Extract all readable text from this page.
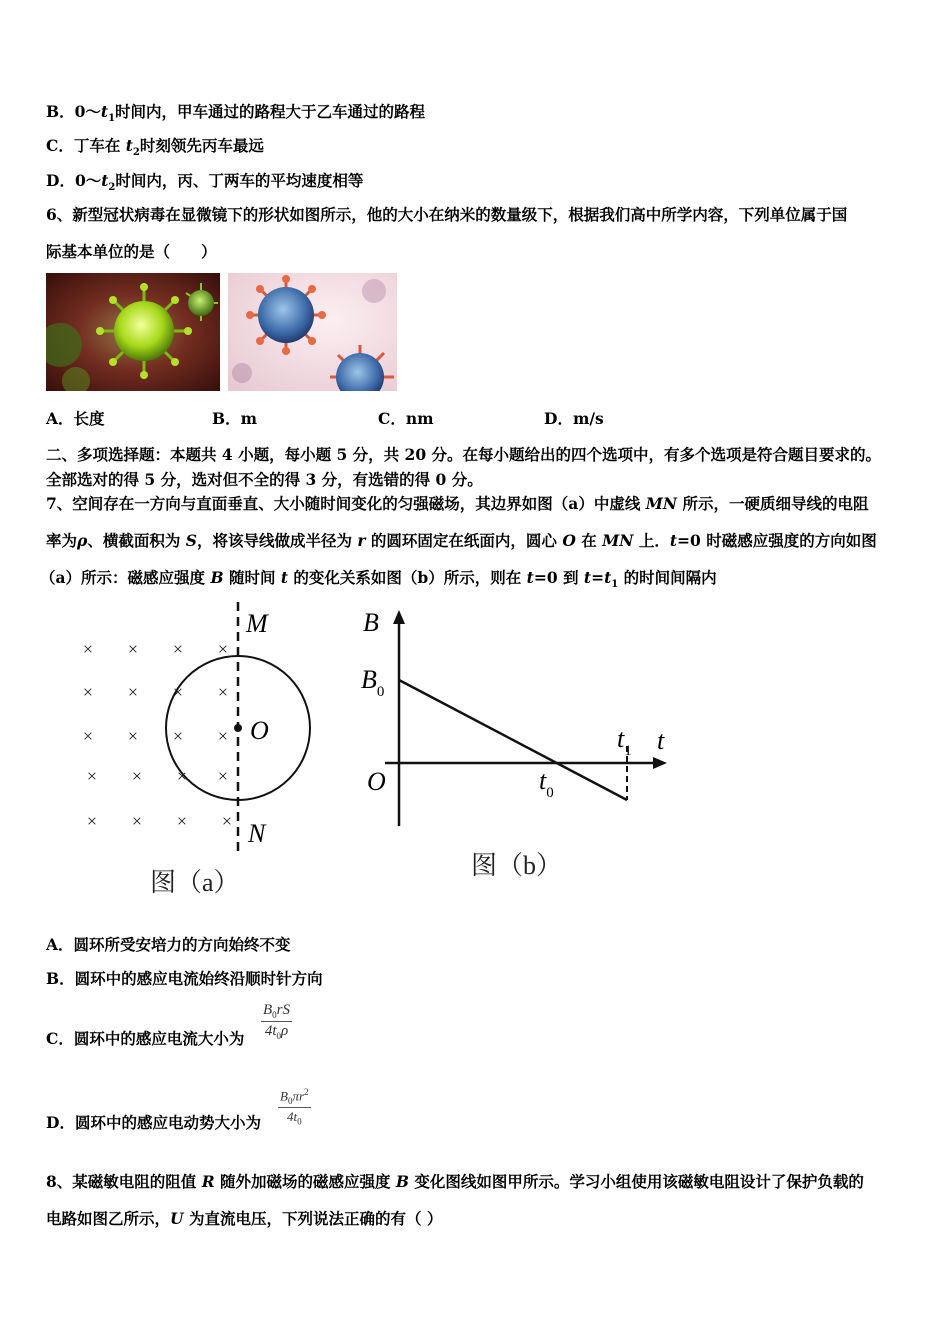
B．$0\sim t_1$时间内，甲车通过的路程大于乙车通过的路程
C．丁车在 $t_2$时刻领先丙车最远
D．$0\sim t_2$时间内，丙、丁两车的平均速度相等
6、新型冠状病毒在显微镜下的形状如图所示，他的大小在纳米的数量级下，根据我们高中所学内容，下列单位属于国
际基本单位的是（　　）
A．长度	B．m	C．nm	D．m/s
二、多项选择题：本题共 4 小题，每小题 5 分，共 20 分。在每小题给出的四个选项中，有多个选项是符合题目要求的。
全部选对的得 5 分，选对但不全的得 3 分，有选错的得 0 分。
7、空间存在一方向与直面垂直、大小随时间变化的匀强磁场，其边界如图（a）中虚线 MN 所示，一硬质细导线的电阻
率为ρ、横截面积为 S，将该导线做成半径为 r 的圆环固定在纸面内，圆心 O 在 MN 上．t=0 时磁感应强度的方向如图
（a）所示：磁感应强度 B 随时间 t 的变化关系如图（b）所示，则在 t=0 到 $t=t_1$ 的时间间隔内
× × × ×
× × × ×
× × × ×
× × × ×
× × × ×
M
O
N
图（a）
B
$B_0$
O	$t_0$
$t_1$ t
图（b）
A．圆环所受安培力的方向始终不变
B．圆环中的感应电流始终沿顺时针方向
C．圆环中的感应电流大小为 $\frac{B_0rS}{4t_0\rho}$
D．圆环中的感应电动势大小为 $\frac{B_0\pi r^2}{4t_0}$
8、某磁敏电阻的阻值 R 随外加磁场的磁感应强度 B 变化图线如图甲所示。学习小组使用该磁敏电阻设计了保护负载的
电路如图乙所示，U 为直流电压，下列说法正确的有（ ）
